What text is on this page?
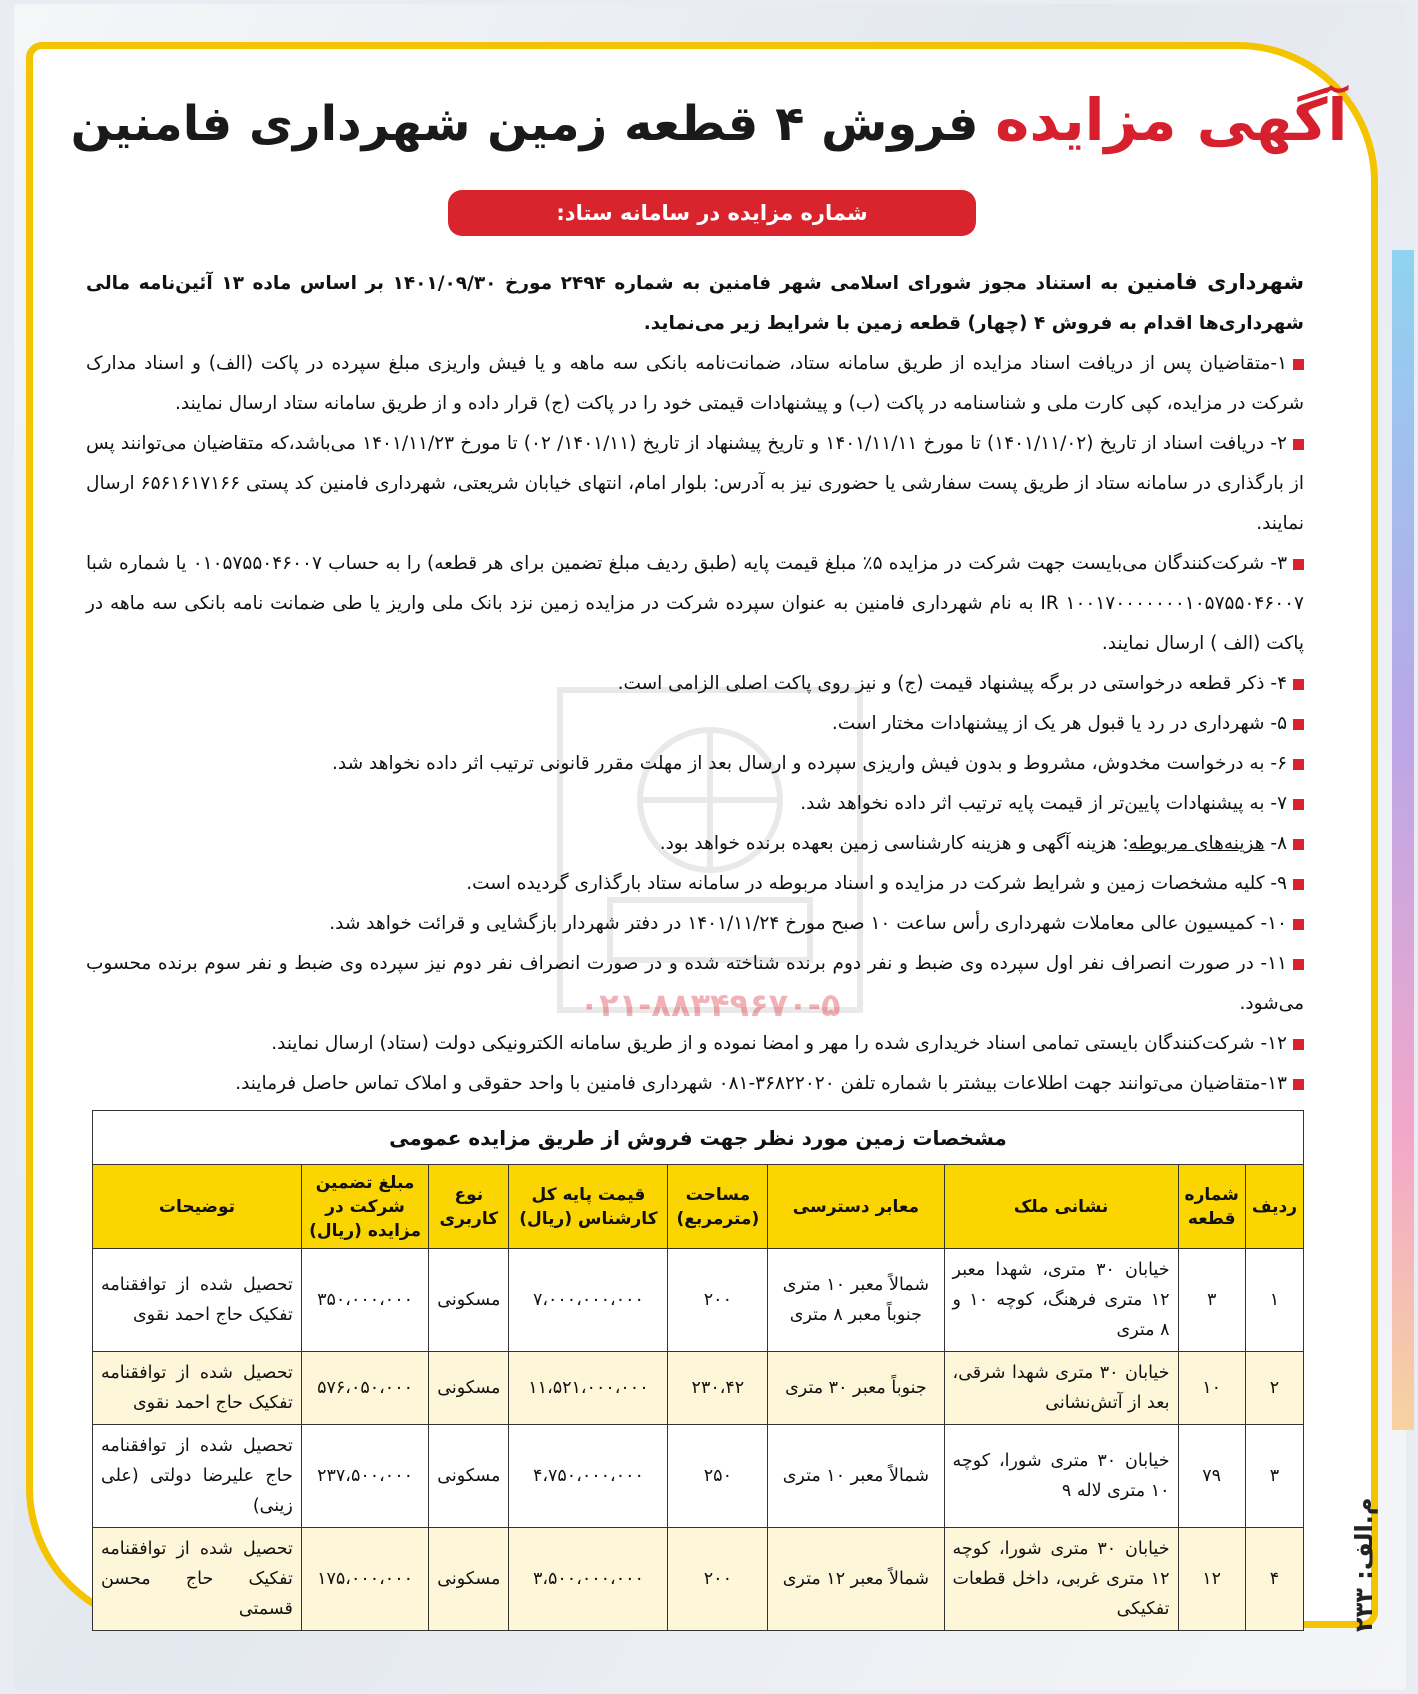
۰۲۱-۸۸۳۴۹۶۷۰-۵
آگهی مزایده فروش ۴ قطعه زمین شهرداری فامنین
شماره مزایده در سامانه ستاد: (۲۰۰۱۰۵۰۱۲۲۰۰۰۰۰۴)

شهرداری فامنین به استناد مجوز شورای اسلامی شهر فامنین به شماره ۲۴۹۴ مورخ ۱۴۰۱/۰۹/۳۰ بر اساس ماده ۱۳ آئین‌نامه مالی شهرداری‌ها اقدام به فروش ۴ (چهار) قطعه زمین با شرایط زیر می‌نماید.

۱-متقاضیان پس از دریافت اسناد مزایده از طریق سامانه ستاد، ضمانت‌نامه بانکی سه ماهه و یا فیش واریزی مبلغ سپرده در پاکت (الف) و اسناد مدارک شرکت در مزایده، کپی کارت ملی و شناسنامه در پاکت (ب) و پیشنهادات قیمتی خود را در پاکت (ج) قرار داده و از طریق سامانه ستاد ارسال نمایند.

۲- دریافت اسناد از تاریخ (۱۴۰۱/۱۱/۰۲) تا مورخ ۱۴۰۱/۱۱/۱۱ و تاریخ پیشنهاد از تاریخ (۱۴۰۱/۱۱/ ۰۲) تا مورخ ۱۴۰۱/۱۱/۲۳ می‌باشد،که متقاضیان می‌توانند پس از بارگذاری در سامانه ستاد از طریق پست سفارشی یا حضوری نیز به آدرس: بلوار امام، انتهای خیابان شریعتی، شهرداری فامنین کد پستی ۶۵۶۱۶۱۷۱۶۶ ارسال نمایند.

۳- شرکت‌کنندگان می‌بایست جهت شرکت در مزایده ۵٪ مبلغ قیمت پایه (طبق ردیف مبلغ تضمین برای هر قطعه) را به حساب ۰۱۰۵۷۵۵۰۴۶۰۰۷ یا شماره شبا IR ۱۰۰۱۷۰۰۰۰۰۰۰۱۰۵۷۵۵۰۴۶۰۰۷ به نام شهرداری فامنین به عنوان سپرده شرکت در مزایده زمین نزد بانک ملی واریز یا طی ضمانت نامه بانکی سه ماهه در پاکت (الف ) ارسال نمایند.

۴- ذکر قطعه درخواستی در برگه پیشنهاد قیمت (ج) و نیز روی پاکت اصلی الزامی است.

۵- شهرداری در رد یا قبول هر یک از پیشنهادات مختار است.

۶- به درخواست مخدوش، مشروط و بدون فیش واریزی سپرده و ارسال بعد از مهلت مقرر قانونی ترتیب اثر داده نخواهد شد.

۷- به پیشنهادات پایین‌تر از قیمت پایه ترتیب اثر داده نخواهد شد.

۸- هزینه‌های مربوطه: هزینه آگهی و هزینه کارشناسی زمین بعهده برنده خواهد بود.

۹- کلیه مشخصات زمین و شرایط شرکت در مزایده و اسناد مربوطه در سامانه ستاد بارگذاری گردیده است.

۱۰- کمیسیون عالی معاملات شهرداری رأس ساعت ۱۰ صبح مورخ ۱۴۰۱/۱۱/۲۴ در دفتر شهردار بازگشایی و قرائت خواهد شد.

۱۱- در صورت انصراف نفر اول سپرده وی ضبط و نفر دوم برنده شناخته شده و در صورت انصراف نفر دوم نیز سپرده وی ضبط و نفر سوم برنده محسوب می‌شود.

۱۲- شرکت‌کنندگان بایستی تمامی اسناد خریداری شده را مهر و امضا نموده و از طریق سامانه الکترونیکی دولت (ستاد) ارسال نمایند.

۱۳-متقاضیان می‌توانند جهت اطلاعات بیشتر با شماره تلفن ۳۶۸۲۲۰۲۰-۰۸۱ شهرداری فامنین با واحد حقوقی و املاک تماس حاصل فرمایند.

مشخصات زمین مورد نظر جهت فروش از طریق مزایده عمومی
ردیف	شماره قطعه	نشانی ملک	معابر دسترسی	مساحت (مترمربع)	قیمت پایه کل کارشناس (ریال)	نوع کاربری	مبلغ تضمین شرکت در مزایده (ریال)	توضیحات
۱	۳	خیابان ۳۰ متری، شهدا معبر ۱۲ متری فرهنگ، کوچه ۱۰ و ۸ متری	شمالاً معبر ۱۰ متری جنوباً معبر ۸ متری	۲۰۰	۷،۰۰۰،۰۰۰،۰۰۰	مسکونی	۳۵۰،۰۰۰،۰۰۰	تحصیل شده از توافقنامه تفکیک حاج احمد نقوی
۲	۱۰	خیابان ۳۰ متری شهدا شرقی، بعد از آتش‌نشانی	جنوباً معبر ۳۰ متری	۲۳۰،۴۲	۱۱،۵۲۱،۰۰۰،۰۰۰	مسکونی	۵۷۶،۰۵۰،۰۰۰	تحصیل شده از توافقنامه تفکیک حاج احمد نقوی
۳	۷۹	خیابان ۳۰ متری شورا، کوچه ۱۰ متری لاله ۹	شمالاً معبر ۱۰ متری	۲۵۰	۴،۷۵۰،۰۰۰،۰۰۰	مسکونی	۲۳۷،۵۰۰،۰۰۰	تحصیل شده از توافقنامه حاج علیرضا دولتی (علی زینی)
۴	۱۲	خیابان ۳۰ متری شورا، کوچه ۱۲ متری غربی، داخل قطعات تفکیکی	شمالاً معبر ۱۲ متری	۲۰۰	۳،۵۰۰،۰۰۰،۰۰۰	مسکونی	۱۷۵،۰۰۰،۰۰۰	تحصیل شده از توافقنامه تفکیک حاج محسن قسمتی	م.الف: ۲۳۳
